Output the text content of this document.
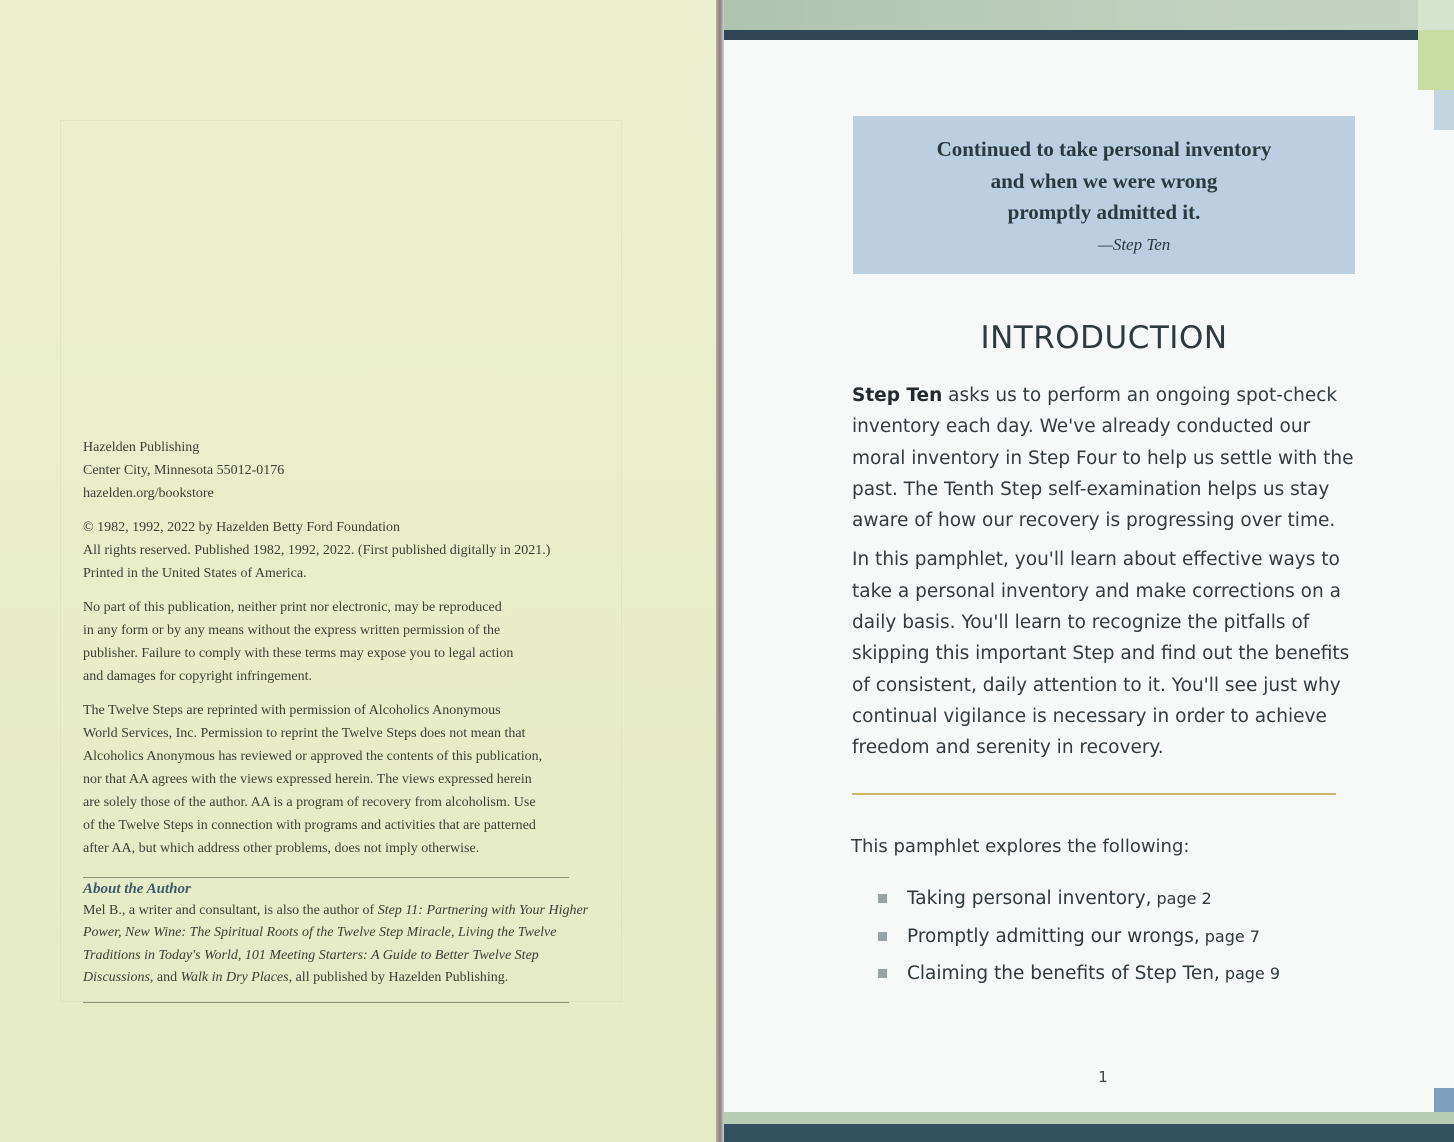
Hazelden Publishing

Center City, Minnesota 55012-0176

hazelden.org/bookstore

© 1982, 1992, 2022 by Hazelden Betty Ford Foundation

All rights reserved. Published 1982, 1992, 2022. (First published digitally in 2021.)

Printed in the United States of America.

No part of this publication, neither print nor electronic, may be reproduced

in any form or by any means without the express written permission of the

publisher. Failure to comply with these terms may expose you to legal action

and damages for copyright infringement.

The Twelve Steps are reprinted with permission of Alcoholics Anonymous

World Services, Inc. Permission to reprint the Twelve Steps does not mean that

Alcoholics Anonymous has reviewed or approved the contents of this publication,

nor that AA agrees with the views expressed herein. The views expressed herein

are solely those of the author. AA is a program of recovery from alcoholism. Use

of the Twelve Steps in connection with programs and activities that are patterned

after AA, but which address other problems, does not imply otherwise.

About the Author

Mel B., a writer and consultant, is also the author of Step 11: Partnering with Your Higher Power, New Wine: The Spiritual Roots of the Twelve Step Miracle, Living the Twelve Traditions in Today's World, 101 Meeting Starters: A Guide to Better Twelve Step Discussions, and Walk in Dry Places, all published by Hazelden Publishing.

Continued to take personal inventory
and when we were wrong
promptly admitted it.

—Step Ten
INTRODUCTION

Step Ten asks us to perform an ongoing spot-check inventory each day. We've already conducted our moral inventory in Step Four to help us settle with the past. The Tenth Step self-examination helps us stay aware of how our recovery is progressing over time.

In this pamphlet, you'll learn about effective ways to take a personal inventory and make corrections on a daily basis. You'll learn to recognize the pitfalls of skipping this important Step and find out the benefits of consistent, daily attention to it. You'll see just why continual vigilance is necessary in order to achieve freedom and serenity in recovery.

This pamphlet explores the following:
Taking personal inventory, page 2
Promptly admitting our wrongs, page 7
Claiming the benefits of Step Ten, page 9
1
